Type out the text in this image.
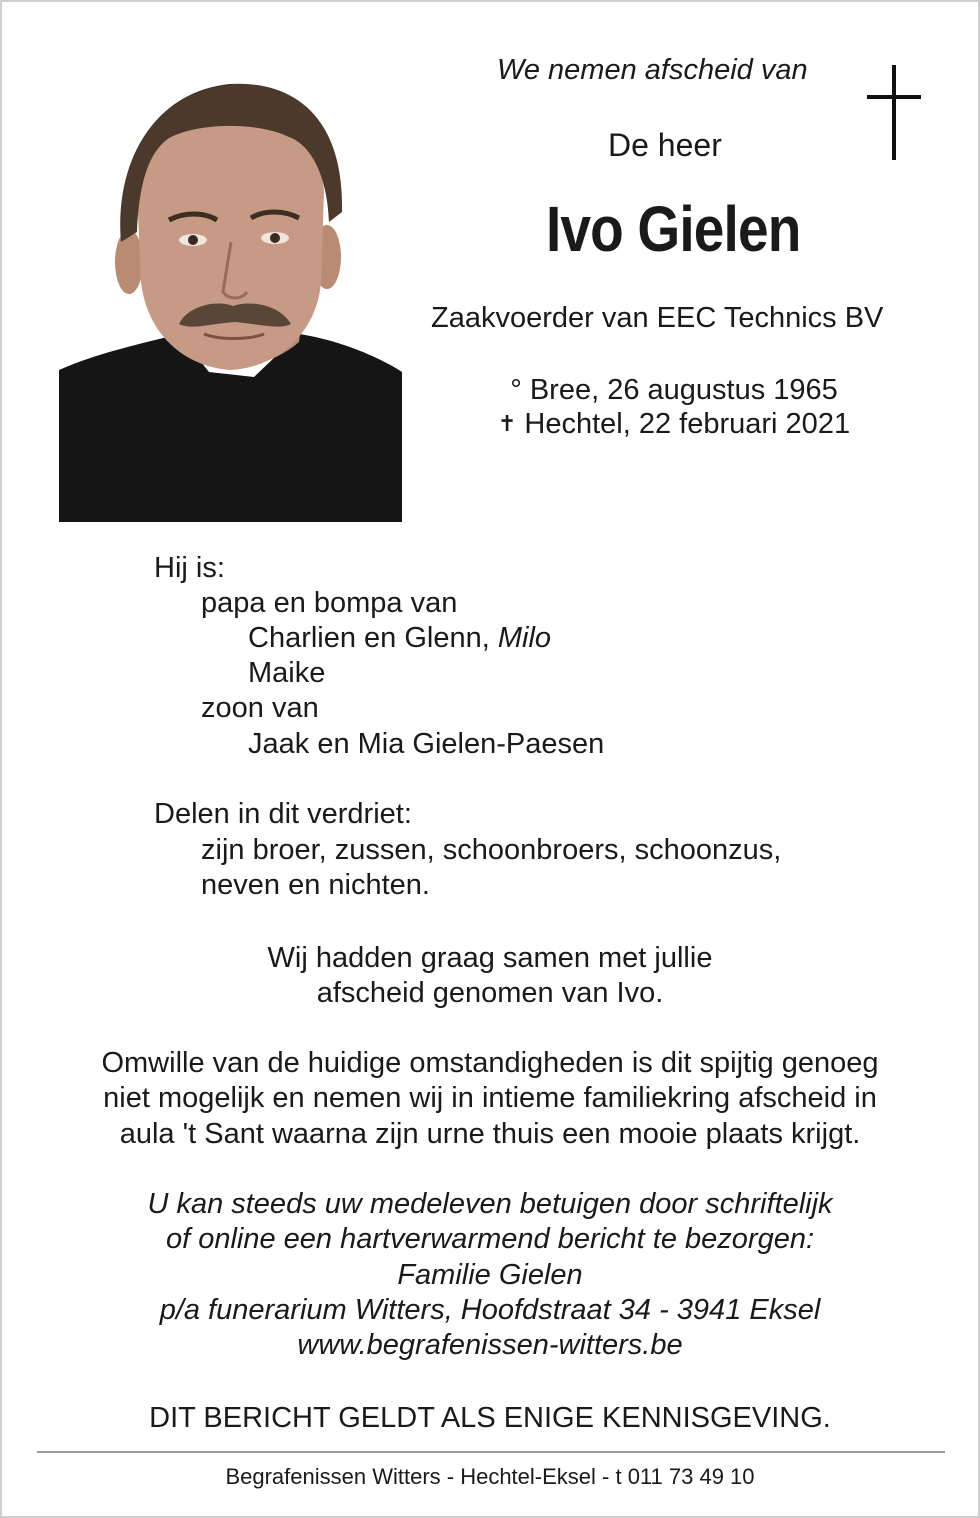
We nemen afscheid van
De heer
Ivo Gielen
Zaakvoerder van EEC Technics BV
° Bree, 26 augustus 1965
✝ Hechtel, 22 februari 2021
Hij is:
papa en bompa van
Charlien en Glenn, Milo
Maike
zoon van
Jaak en Mia Gielen-Paesen
Delen in dit verdriet:
zijn broer, zussen, schoonbroers, schoonzus,
neven en nichten.
Wij hadden graag samen met jullie
afscheid genomen van Ivo.
Omwille van de huidige omstandigheden is dit spijtig genoeg
niet mogelijk en nemen wij in intieme familiekring afscheid in
aula 't Sant waarna zijn urne thuis een mooie plaats krijgt.
U kan steeds uw medeleven betuigen door schriftelijk
of online een hartverwarmend bericht te bezorgen:
Familie Gielen
p/a funerarium Witters, Hoofdstraat 34 - 3941 Eksel
www.begrafenissen-witters.be
DIT BERICHT GELDT ALS ENIGE KENNISGEVING.
Begrafenissen Witters - Hechtel-Eksel - t 011 73 49 10
